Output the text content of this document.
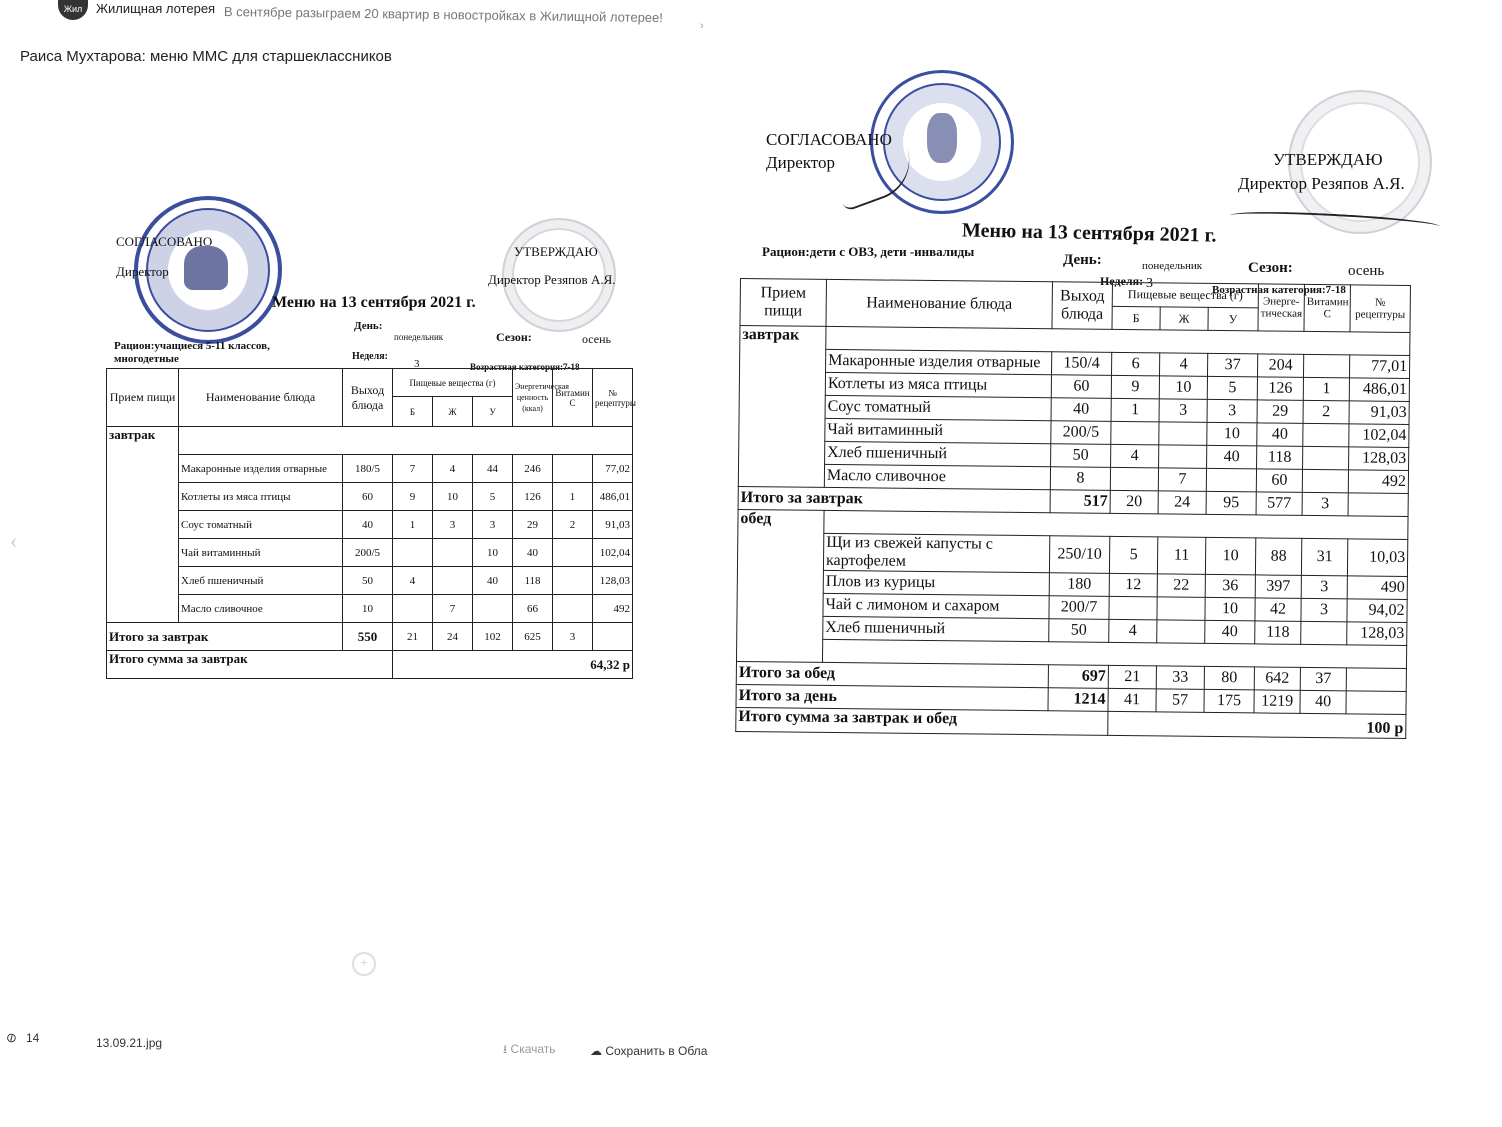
Жил	Жилищная лотерея В сентябре разыграем 20 квартир в новостройках в Жилищной лотерее!
›
Раиса Мухтарова: меню ММС для старшеклассников
СОГЛАСОВАНО
Директор
УТВЕРЖДАЮ
Директор Резяпов А.Я.
Меню на 13 сентября 2021 г.
День:
понедельник	Сезон:	осень
Рацион:учащиеся 5-11 классов,
многодетные	Неделя:
3	Возрастная категория:7-18
Прием пищи	Наименование блюда	Выход блюда	Пищевые вещества (г)			Энергетическая ценность (ккал)	Витамин С	№ рецептуры
			Б	Ж	У			
завтрак								
	Макаронные изделия отварные	180/5	7	4	44	246		77,02
	Котлеты из мяса птицы	60	9	10	5	126	1	486,01
	Соус томатный	40	1	3	3	29	2	91,03
	Чай витаминный	200/5			10	40		102,04
	Хлеб пшеничный	50	4		40	118		128,03
	Масло сливочное	10		7		66		492
Итого за завтрак		550	21	24	102	625	3	
Итого сумма за завтрак			64,32 р					
‹
+
⊘ 14	13.09.21.jpg	⭳ Скачать	☁ Сохранить в Обла
СОГЛАСОВАНО
Директор	УТВЕРЖДАЮ
Директор Резяпов А.Я.
Меню на 13 сентября 2021 г.
Рацион:дети с ОВЗ, дети -инвалиды
День:	понедельник	Сезон:	осень
Неделя: 3	Возрастная категория:7-18
Прием пищи	Наименование блюда	Выход блюда	Пищевые вещества (г)			Энерге-тическая	Витамин С	№ рецептуры
			Б	Ж	У			
завтрак								
	Макаронные изделия отварные	150/4	6	4	37	204		77,01
	Котлеты из мяса птицы	60	9	10	5	126	1	486,01
	Соус томатный	40	1	3	3	29	2	91,03
	Чай витаминный	200/5			10	40		102,04
	Хлеб пшеничный	50	4		40	118		128,03
	Масло сливочное	8		7		60		492
Итого за завтрак		517	20	24	95	577	3	
обед								
	Щи из свежей капусты с картофелем	250/10	5	11	10	88	31	10,03
	Плов из курицы	180	12	22	36	397	3	490
	Чай с лимоном и сахаром	200/7			10	42	3	94,02
	Хлеб пшеничный	50	4		40	118		128,03

Итого за обед		697	21	33	80	642	37	
Итого за день		1214	41	57	175	1219	40	
Итого сумма за завтрак и обед			100 р					
